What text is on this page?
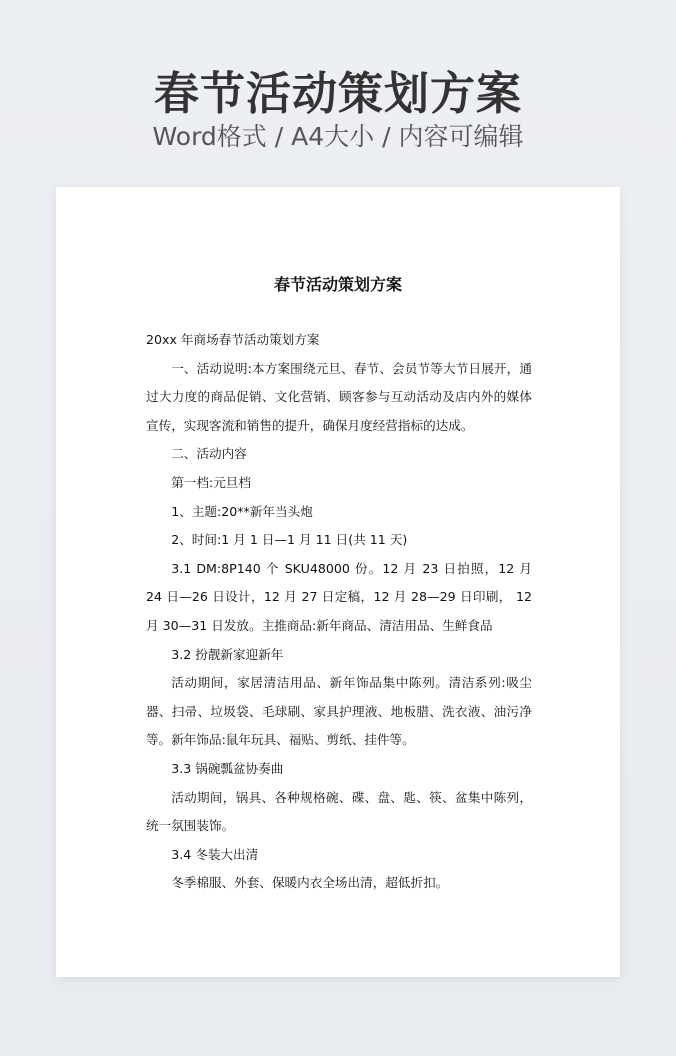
春节活动策划方案
Word格式 / A4大小 / 内容可编辑
春节活动策划方案

20xx 年商场春节活动策划方案

一、活动说明:本方案围绕元旦、春节、会员节等大节日展开，通过大力度的商品促销、文化营销、顾客参与互动活动及店内外的媒体宣传，实现客流和销售的提升，确保月度经营指标的达成。

二、活动内容

第一档:元旦档

1、主题:20**新年当头炮

2、时间:1 月 1 日—1 月 11 日(共 11 天)

3.1 DM:8P140 个 SKU48000 份。12 月 23 日拍照，12 月 24 日—26 日设计，12 月 27 日定稿，12 月 28—29 日印刷， 12 月 30—31 日发放。主推商品:新年商品、清洁用品、生鲜食品

3.2 扮靓新家迎新年

活动期间，家居清洁用品、新年饰品集中陈列。清洁系列:吸尘器、扫帚、垃圾袋、毛球刷、家具护理液、地板腊、洗衣液、油污净等。新年饰品:鼠年玩具、福贴、剪纸、挂件等。

3.3 锅碗瓢盆协奏曲

活动期间，锅具、各种规格碗、碟、盘、匙、筷、盆集中陈列，统一氛围装饰。

3.4 冬装大出清

冬季棉服、外套、保暖内衣全场出清，超低折扣。
